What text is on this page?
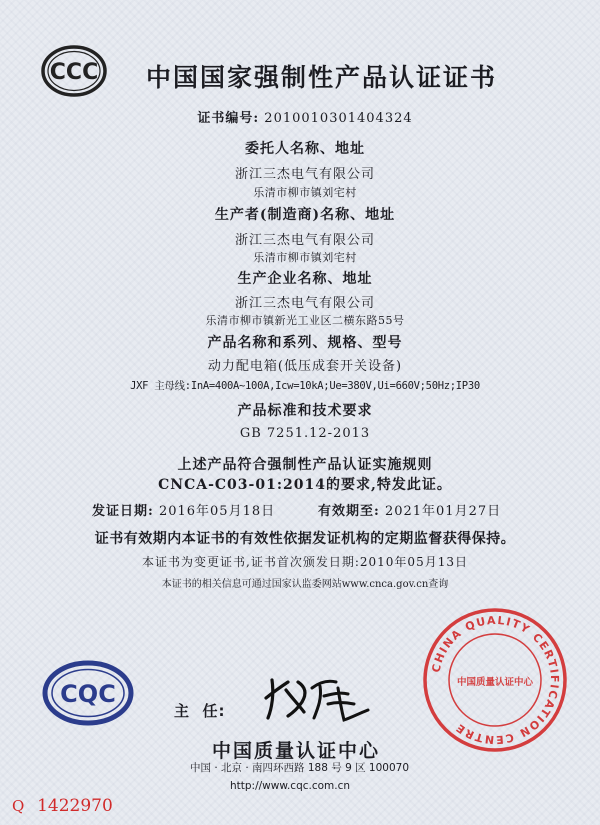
CCC 中国国家强制性产品认证证书
证书编号: 2010010301404324
委托人名称、地址
浙江三杰电气有限公司
乐清市柳市镇刘宅村
生产者(制造商)名称、地址
浙江三杰电气有限公司
乐清市柳市镇刘宅村
生产企业名称、地址
浙江三杰电气有限公司
乐清市柳市镇新光工业区二横东路55号
产品名称和系列、规格、型号
动力配电箱(低压成套开关设备)
JXF 主母线:InA=400A~100A,Icw=10kA;Ue=380V,Ui=660V;50Hz;IP30
产品标准和技术要求
GB 7251.12-2013
上述产品符合强制性产品认证实施规则
CNCA-C03-01:2014的要求,特发此证。
发证日期: 2016年05月18日	有效期至: 2021年01月27日
证书有效期内本证书的有效性依据发证机构的定期监督获得保持。
本证书为变更证书,证书首次颁发日期:2010年05月13日
本证书的相关信息可通过国家认监委网站www.cnca.gov.cn查询
CQC
主  任:
中国质量认证中心
中国 · 北京 · 南四环西路 188 号 9 区 100070
http://www.cqc.com.cn
Q 1422970
CHINA QUALITY CERTIFICATION CENTRE
中国质量认证中心
